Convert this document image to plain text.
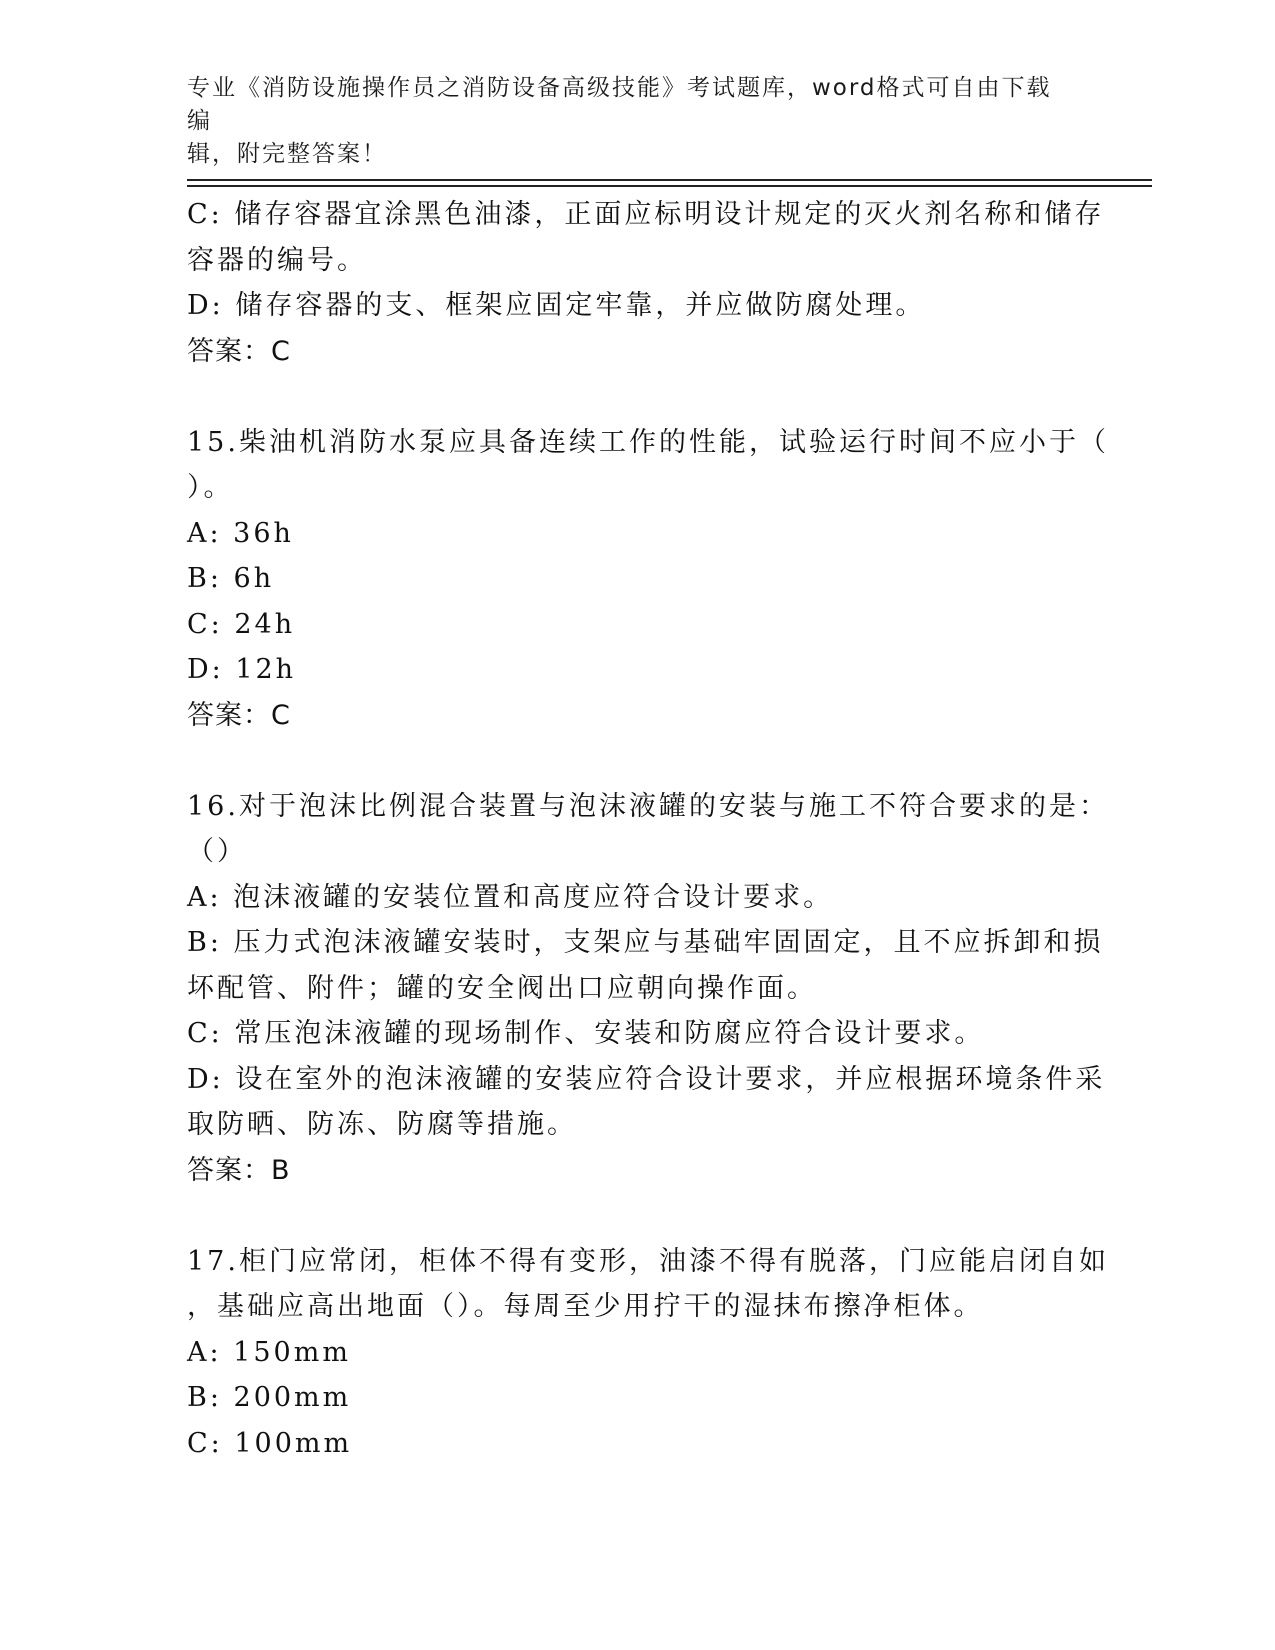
专业《消防设施操作员之消防设备高级技能》考试题库，word格式可自由下载编
辑，附完整答案！
C: 储存容器宜涂黑色油漆，正面应标明设计规定的灭火剂名称和储存
容器的编号。
D: 储存容器的支、框架应固定牢靠，并应做防腐处理。
答案：C
15.柴油机消防水泵应具备连续工作的性能，试验运行时间不应小于（
）。
A: 36h
B: 6h
C: 24h
D: 12h
答案：C
16.对于泡沫比例混合装置与泡沫液罐的安装与施工不符合要求的是：
（）
A: 泡沫液罐的安装位置和高度应符合设计要求。
B: 压力式泡沫液罐安装时，支架应与基础牢固固定，且不应拆卸和损
坏配管、附件；罐的安全阀出口应朝向操作面。
C: 常压泡沫液罐的现场制作、安装和防腐应符合设计要求。
D: 设在室外的泡沫液罐的安装应符合设计要求，并应根据环境条件采
取防晒、防冻、防腐等措施。
答案：B
17.柜门应常闭，柜体不得有变形，油漆不得有脱落，门应能启闭自如
，基础应高出地面（）。每周至少用拧干的湿抹布擦净柜体。
A: 150mm
B: 200mm
C: 100mm
